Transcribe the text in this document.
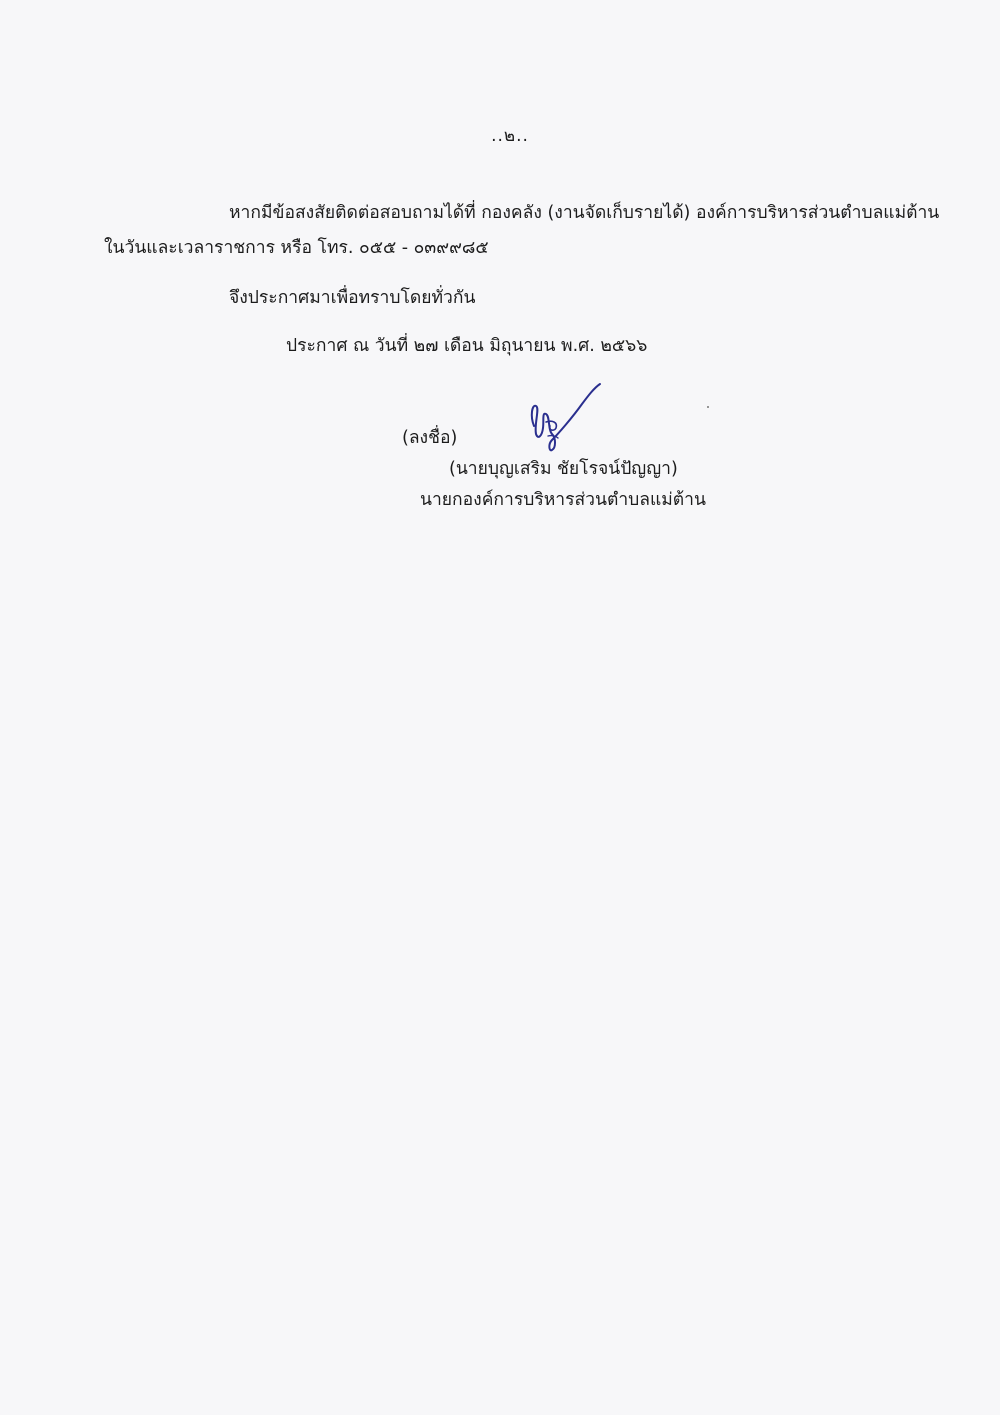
..๒..
หากมีข้อสงสัยติดต่อสอบถามได้ที่ กองคลัง (งานจัดเก็บรายได้) องค์การบริหารส่วนตำบลแม่ต้าน
ในวันและเวลาราชการ หรือ โทร. ๐๕๕ - ๐๓๙๙๘๕
จึงประกาศมาเพื่อทราบโดยทั่วกัน
ประกาศ ณ วันที่ ๒๗ เดือน มิถุนายน พ.ศ. ๒๕๖๖
(ลงชื่อ)
(นายบุญเสริม ชัยโรจน์ปัญญา)
นายกองค์การบริหารส่วนตำบลแม่ต้าน
